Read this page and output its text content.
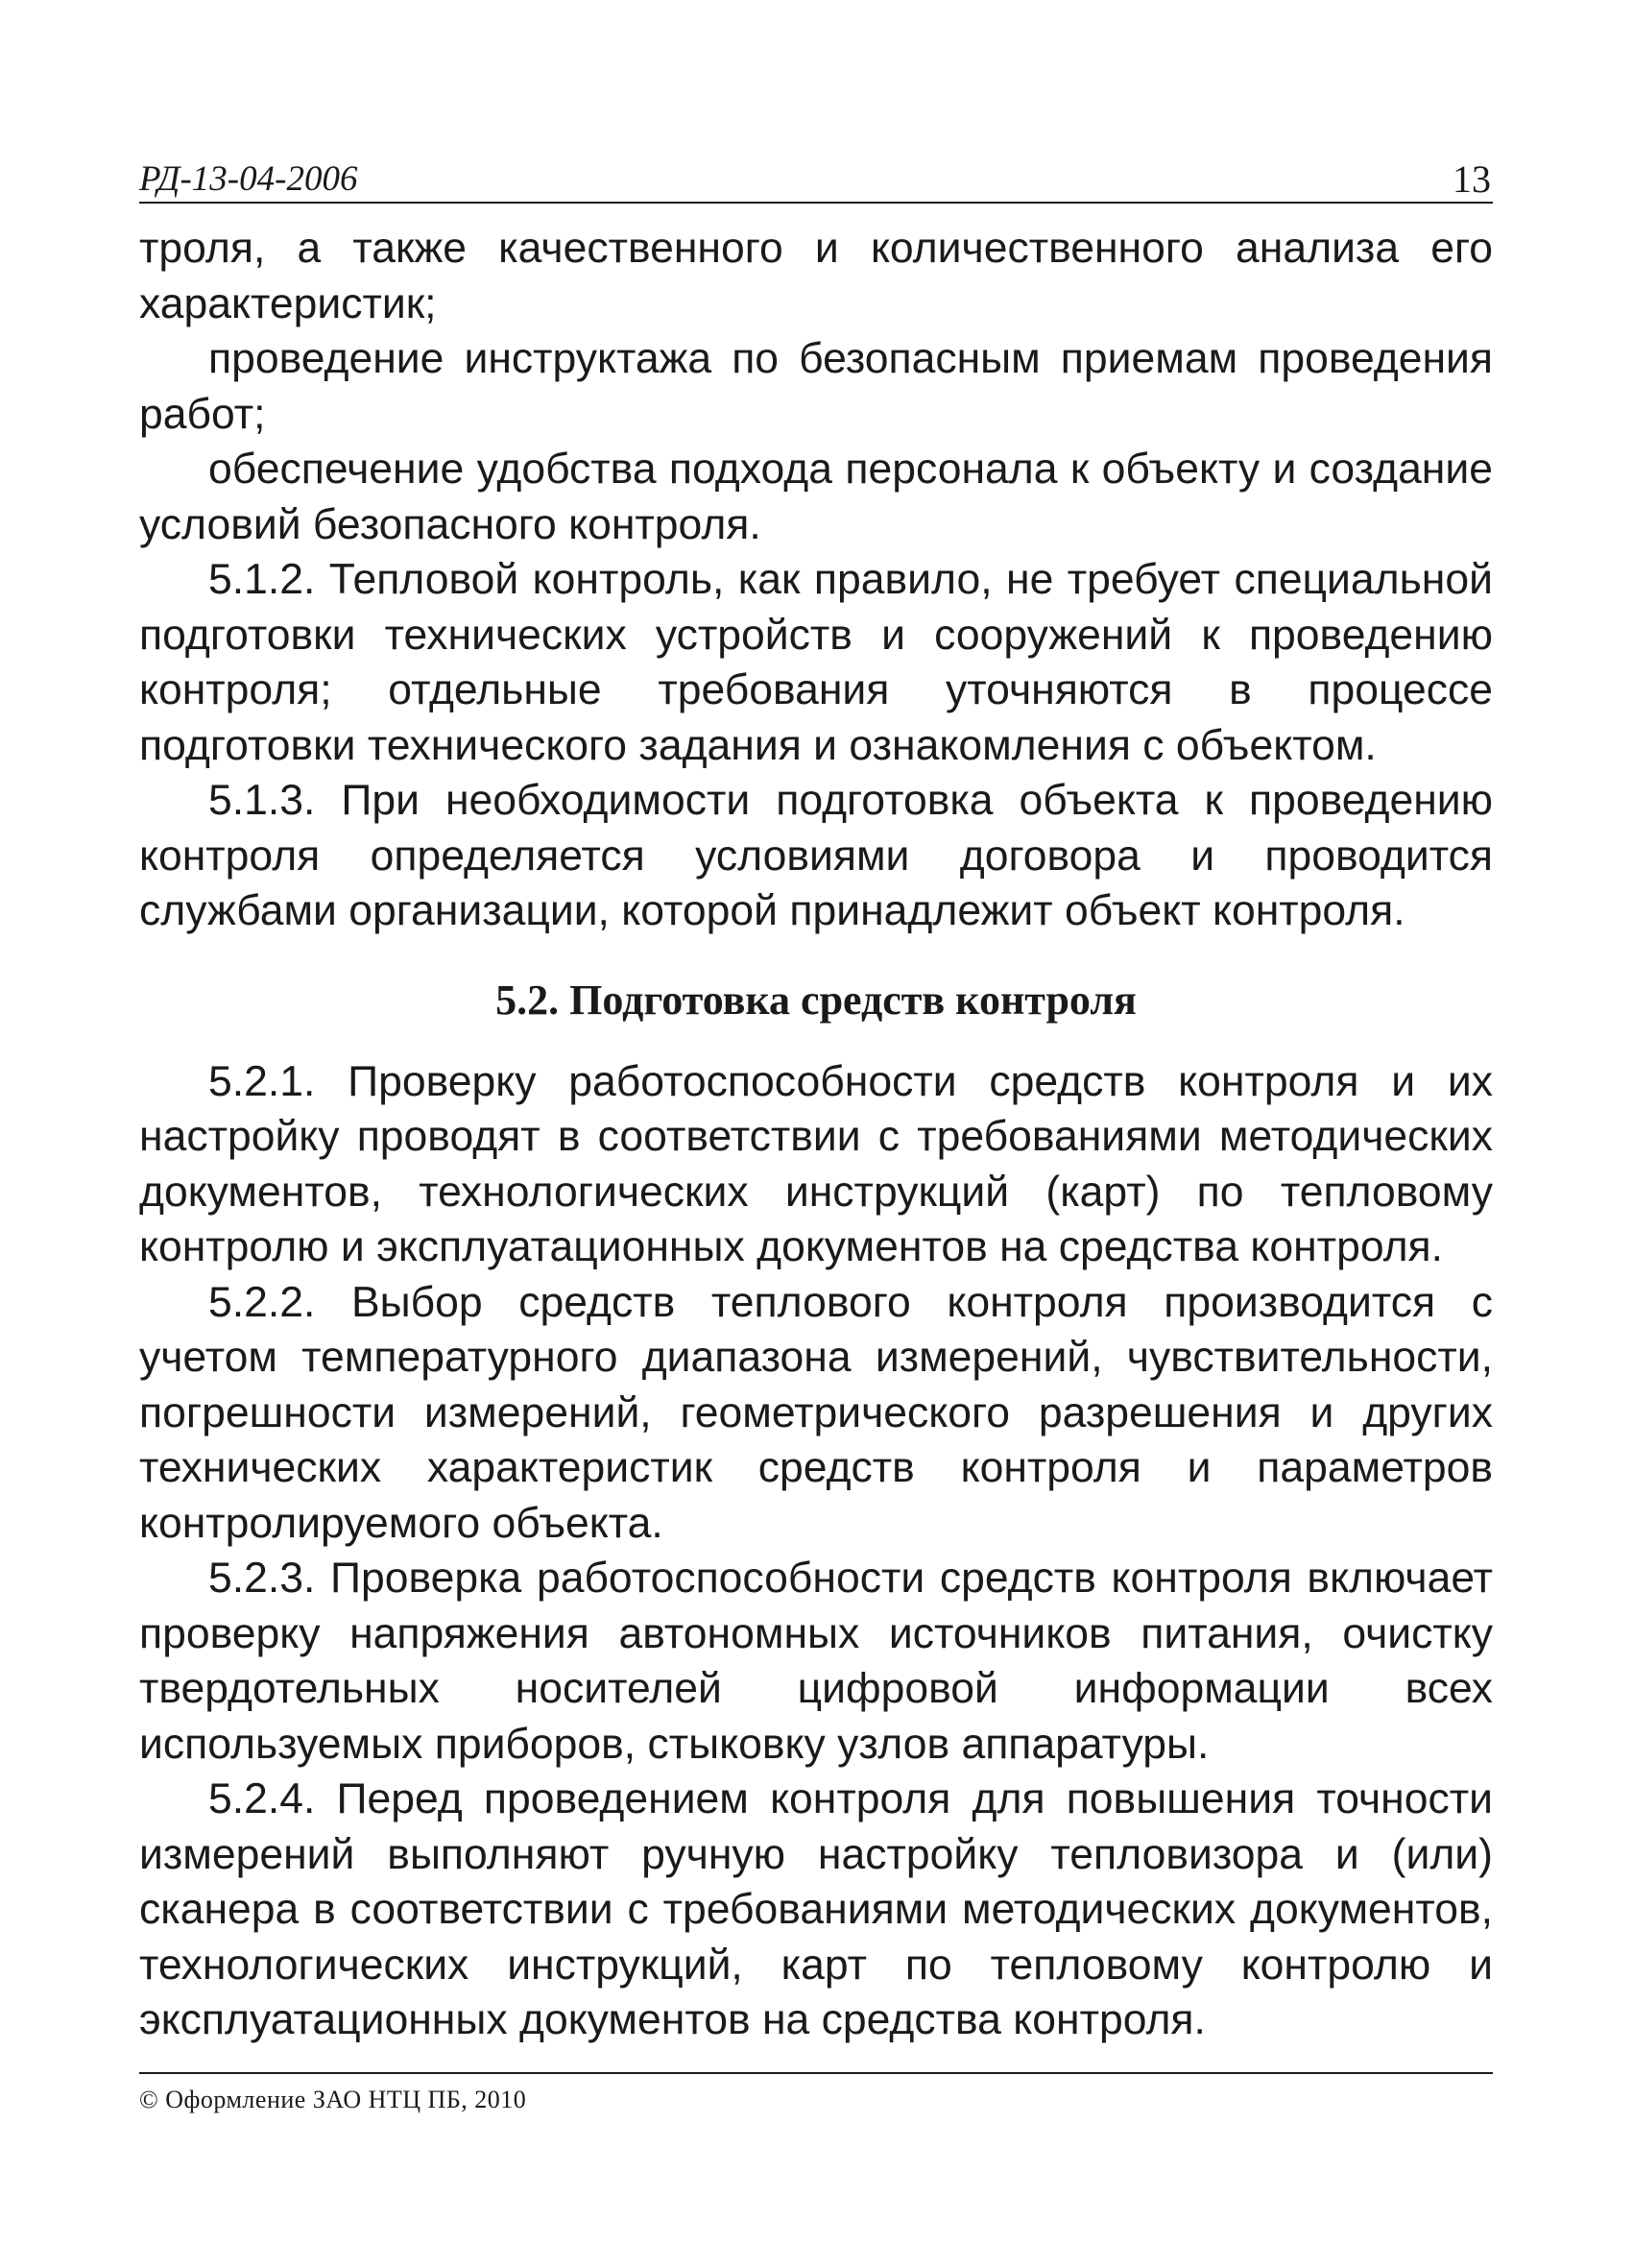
РД-13-04-2006	13

троля, а также качественного и количественного анализа его характеристик;

проведение инструктажа по безопасным приемам проведения работ;

обеспечение удобства подхода персонала к объекту и создание условий безопасного контроля.

5.1.2. Тепловой контроль, как правило, не требует специальной подготовки технических устройств и сооружений к проведению контроля; отдельные требования уточняются в процессе подготовки технического задания и ознакомления с объектом.

5.1.3. При необходимости подготовка объекта к проведению контроля определяется условиями договора и проводится службами организации, которой принадлежит объект контроля.

5.2. Подготовка средств контроля

5.2.1. Проверку работоспособности средств контроля и их настройку проводят в соответствии с требованиями методических документов, технологических инструкций (карт) по тепловому контролю и эксплуатационных документов на средства контроля.

5.2.2. Выбор средств теплового контроля производится с учетом температурного диапазона измерений, чувствительности, погрешности измерений, геометрического разрешения и других технических характеристик средств контроля и параметров контролируемого объекта.

5.2.3. Проверка работоспособности средств контроля включает проверку напряжения автономных источников питания, очистку твердотельных носителей цифровой информации всех используемых приборов, стыковку узлов аппаратуры.

5.2.4. Перед проведением контроля для повышения точности измерений выполняют ручную настройку тепловизора и (или) сканера в соответствии с требованиями методических документов, технологических инструкций, карт по тепловому контролю и эксплуатационных документов на средства контроля.

© Оформление ЗАО НТЦ ПБ, 2010
